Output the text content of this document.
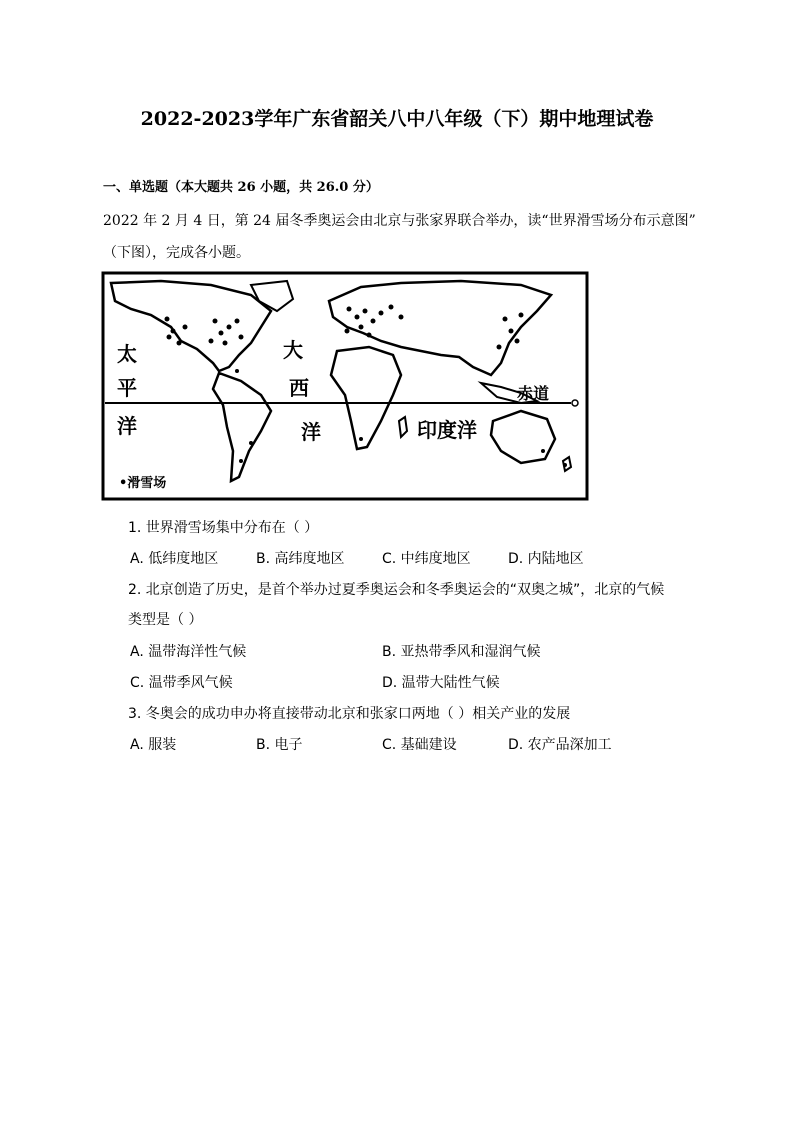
2022-2023学年广东省韶关八中八年级（下）期中地理试卷
一、单选题（本大题共 26 小题，共 26.0 分）

2022 年 2 月 4 日，第 24 届冬季奥运会由北京与张家界联合举办，读“世界滑雪场分布示意图”

（下图），完成各小题。

太
平
洋
大
西
洋	印度洋
赤道
•滑雪场
1. 世界滑雪场集中分布在（ ）
A. 低纬度地区	B. 高纬度地区	C. 中纬度地区	D. 内陆地区
2. 北京创造了历史，是首个举办过夏季奥运会和冬季奥运会的“双奥之城”，北京的气候
类型是（ ）
A. 温带海洋性气候	B. 亚热带季风和湿润气候
C. 温带季风气候	D. 温带大陆性气候
3. 冬奥会的成功申办将直接带动北京和张家口两地（ ）相关产业的发展
A. 服装	B. 电子	C. 基础建设	D. 农产品深加工
